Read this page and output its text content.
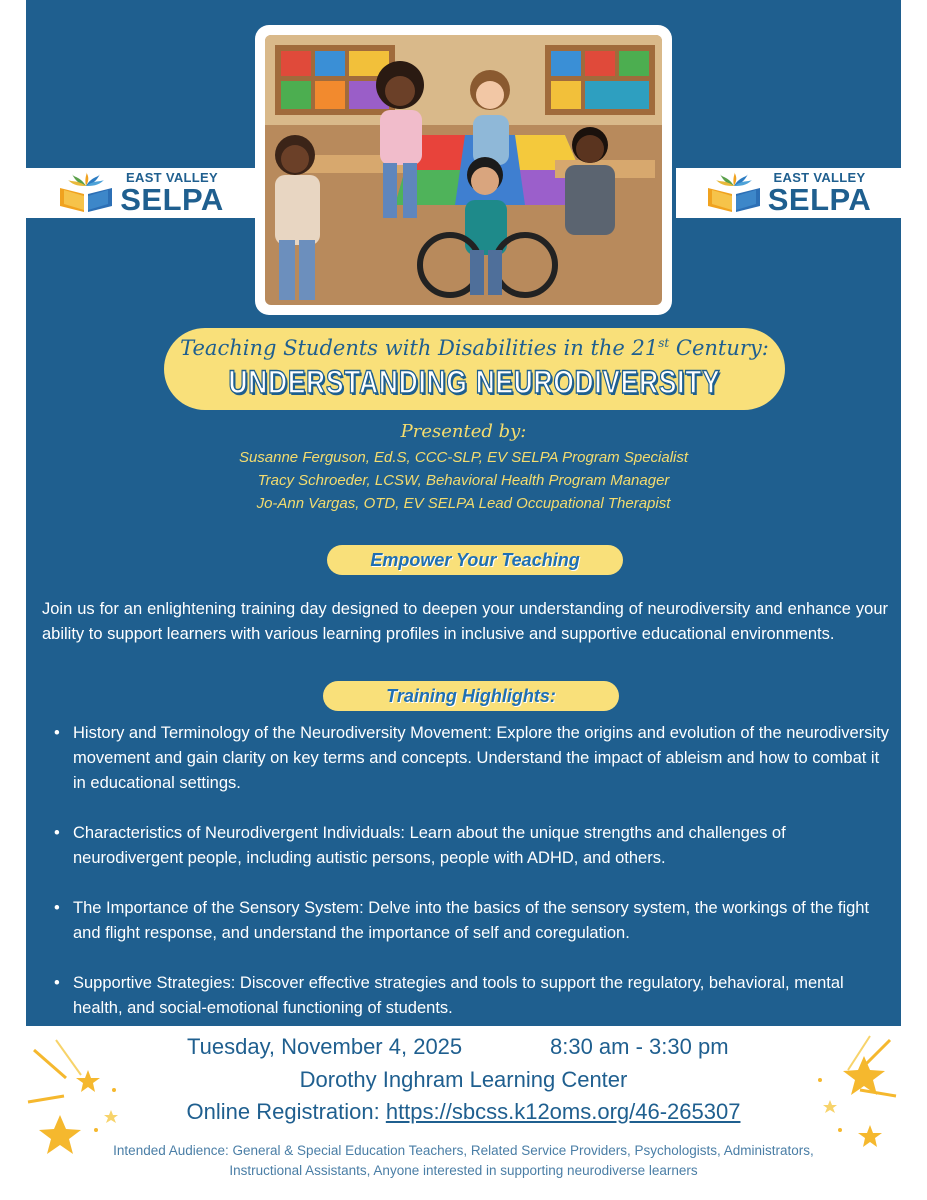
EAST VALLEY
SELPA
EAST VALLEY
SELPA
Teaching Students with Disabilities in the 21st Century:
UNDERSTANDING NEURODIVERSITY
Presented by:
Susanne Ferguson, Ed.S, CCC-SLP, EV SELPA Program Specialist
Tracy Schroeder, LCSW, Behavioral Health Program Manager
Jo-Ann Vargas, OTD, EV SELPA Lead Occupational Therapist
Empower Your Teaching

Join us for an enlightening training day designed to deepen your understanding of neurodiversity and enhance your ability to support learners with various learning profiles in inclusive and supportive educational environments.

Training Highlights:
• History and Terminology of the Neurodiversity Movement: Explore the origins and evolution of the neurodiversity movement and gain clarity on key terms and concepts. Understand the impact of ableism and how to combat it in educational settings.
• Characteristics of Neurodivergent Individuals: Learn about the unique strengths and challenges of neurodivergent people, including autistic persons, people with ADHD, and others.
• The Importance of the Sensory System: Delve into the basics of the sensory system, the workings of the fight and flight response, and understand the importance of self and coregulation.
• Supportive Strategies: Discover effective strategies and tools to support the regulatory, behavioral, mental health, and social-emotional functioning of students.
Tuesday, November 4, 2025	8:30 am - 3:30 pm
Dorothy Inghram Learning Center
Online Registration: https://sbcss.k12oms.org/46-265307
Intended Audience: General & Special Education Teachers, Related Service Providers, Psychologists, Administrators,
Instructional Assistants, Anyone interested in supporting neurodiverse learners
